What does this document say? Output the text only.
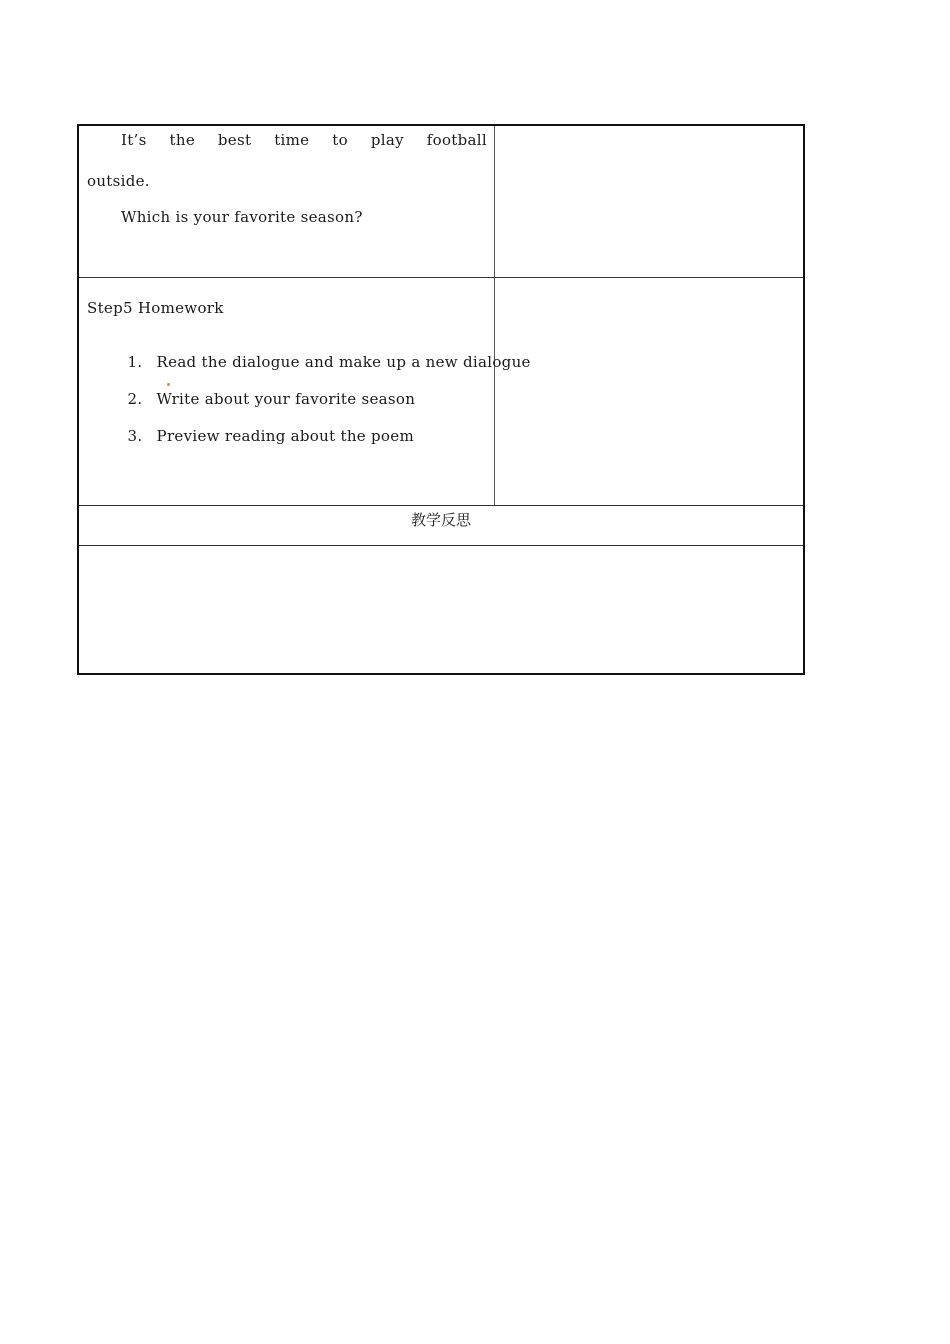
It’s the best time to play football
outside.
Which is your favorite season?
Step5 Homework

1. Read the dialogue and make up a new dialogue

2. Write about your favorite season

3. Preview reading about the poem

教学反思
